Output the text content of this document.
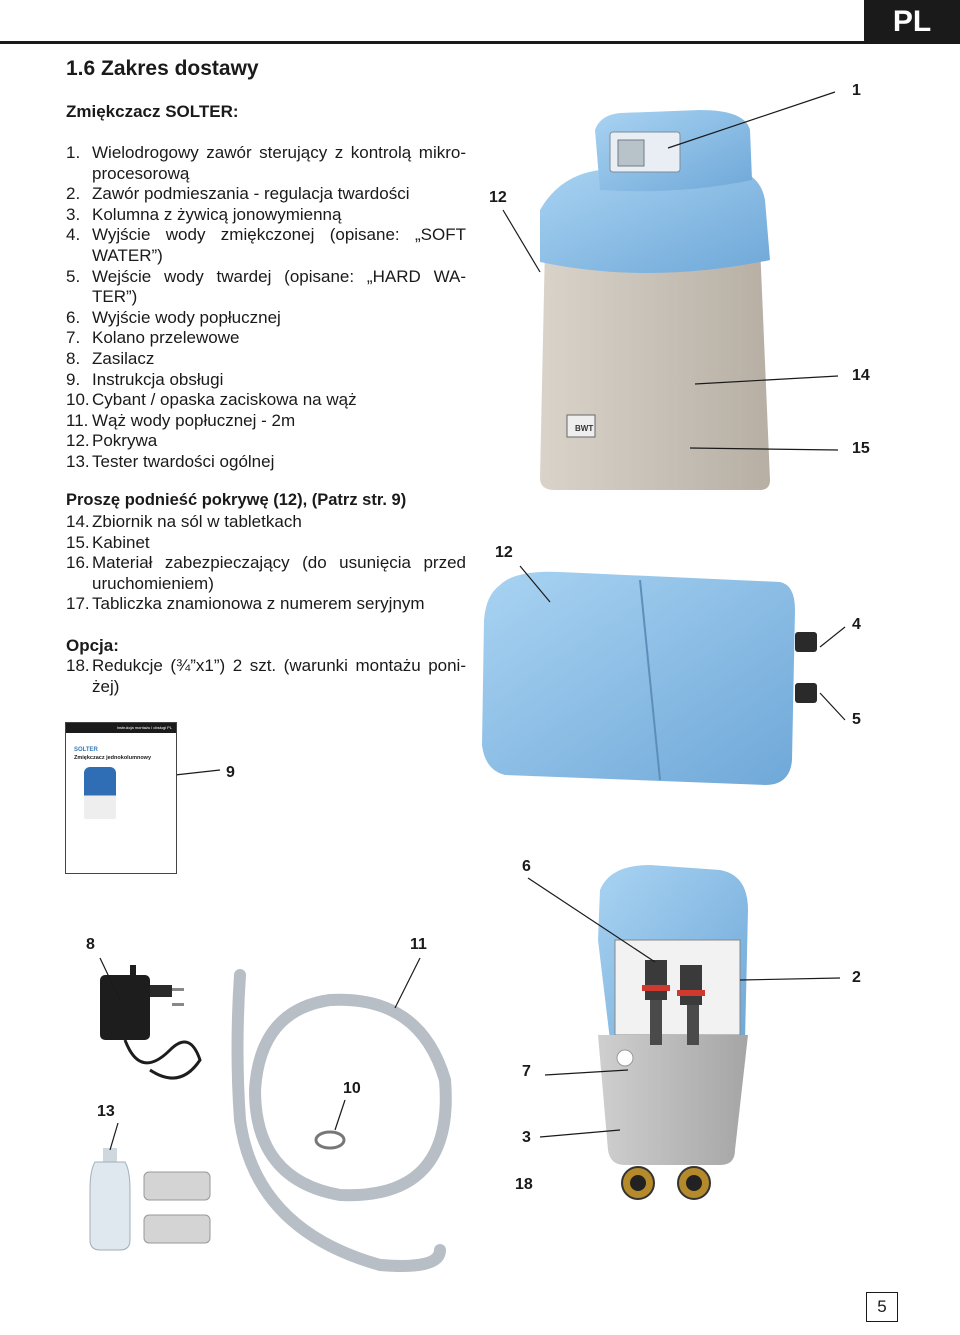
PL
1.6 Zakres dostawy
Zmiękczacz SOLTER:
1. Wielodrogowy zawór sterujący z kontrolą mikro-procesorową
2. Zawór podmieszania - regulacja twardości
3. Kolumna z żywicą jonowymienną
4. Wyjście wody zmiękczonej (opisane: „SOFT WATER”)
5. Wejście wody twardej (opisane: „HARD WA-TER”)
6. Wyjście wody popłucznej
7. Kolano przelewowe
8. Zasilacz
9. Instrukcja obsługi
10. Cybant / opaska zaciskowa na wąż
11. Wąż wody popłucznej - 2m
12. Pokrywa
13. Tester twardości ogólnej
Proszę podnieść pokrywę (12), (Patrz str. 9)
14. Zbiornik na sól w tabletkach
15. Kabinet
16. Materiał zabezpieczający (do usunięcia przed uruchomieniem)
17. Tabliczka znamionowa z numerem seryjnym
Opcja:
18. Redukcje (¾”x1”) 2 szt. (warunki montażu poni-żej)
BWT
Instrukcja montażu i obsługi PL
SOLTER
Zmiękczacz jednokolumnowy
1
12
14
15
12
4
5
9
6
8	11
2
10
13
7
3
18
5
